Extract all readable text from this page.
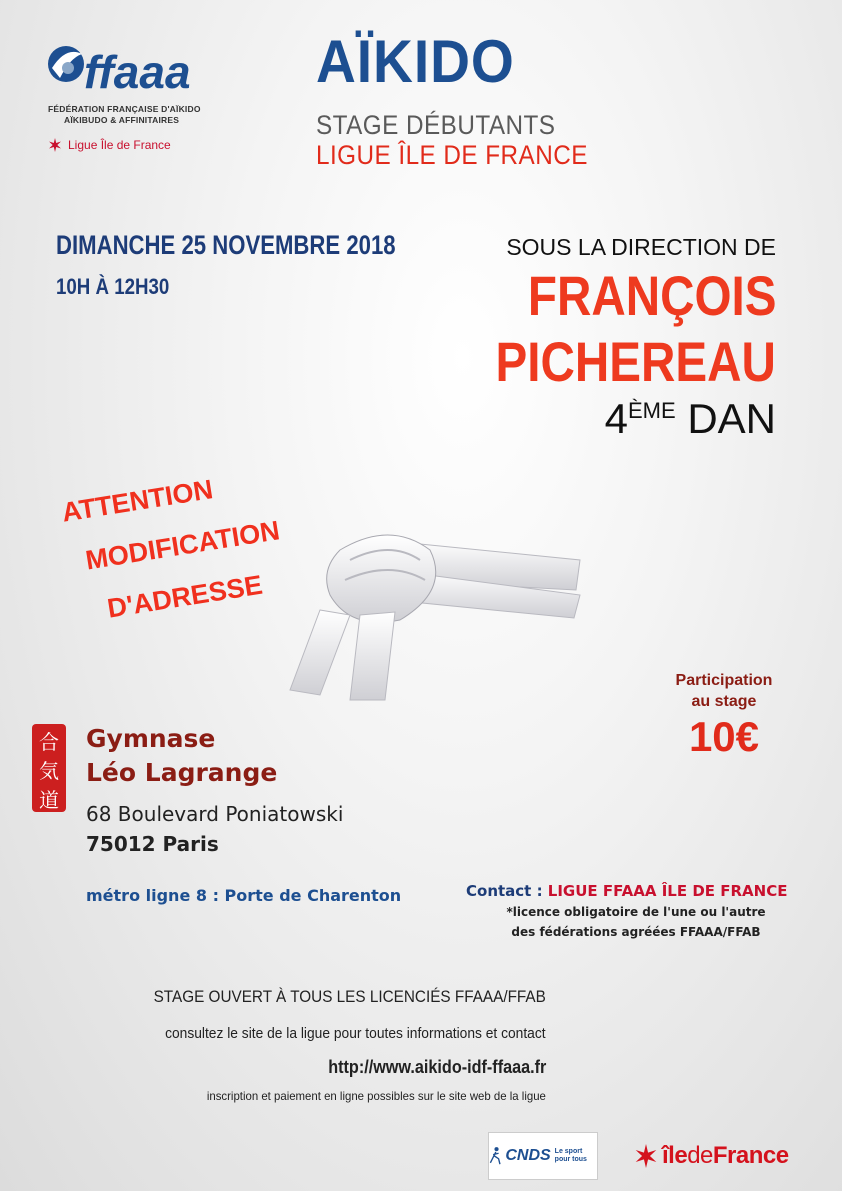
ffaaa
FÉDÉRATION FRANÇAISE D'AÏKIDO
AÏKIBUDO & AFFINITAIRES
Ligue Île de France
AÏKIDO
STAGE DÉBUTANTS
LIGUE ÎLE DE FRANCE
DIMANCHE 25 NOVEMBRE 2018
10H À 12H30
SOUS LA DIRECTION DE
FRANÇOIS
PICHEREAU
4ÈME DAN
ATTENTION
MODIFICATION
D'ADRESSE
Participation
au stage
10€
合
気
道
Gymnase
Léo Lagrange
68 Boulevard Poniatowski
75012 Paris
métro ligne 8 : Porte de Charenton	Contact : LIGUE FFAAA ÎLE DE FRANCE
*licence obligatoire de l'une ou l'autre
des fédérations agréées FFAAA/FFAB
STAGE OUVERT À TOUS LES LICENCIÉS FFAAA/FFAB
consultez le site de la ligue pour toutes informations et contact
http://www.aikido-idf-ffaaa.fr
inscription et paiement en ligne possibles sur le site web de la ligue
CNDS Le sport pour tous	îledeFrance
